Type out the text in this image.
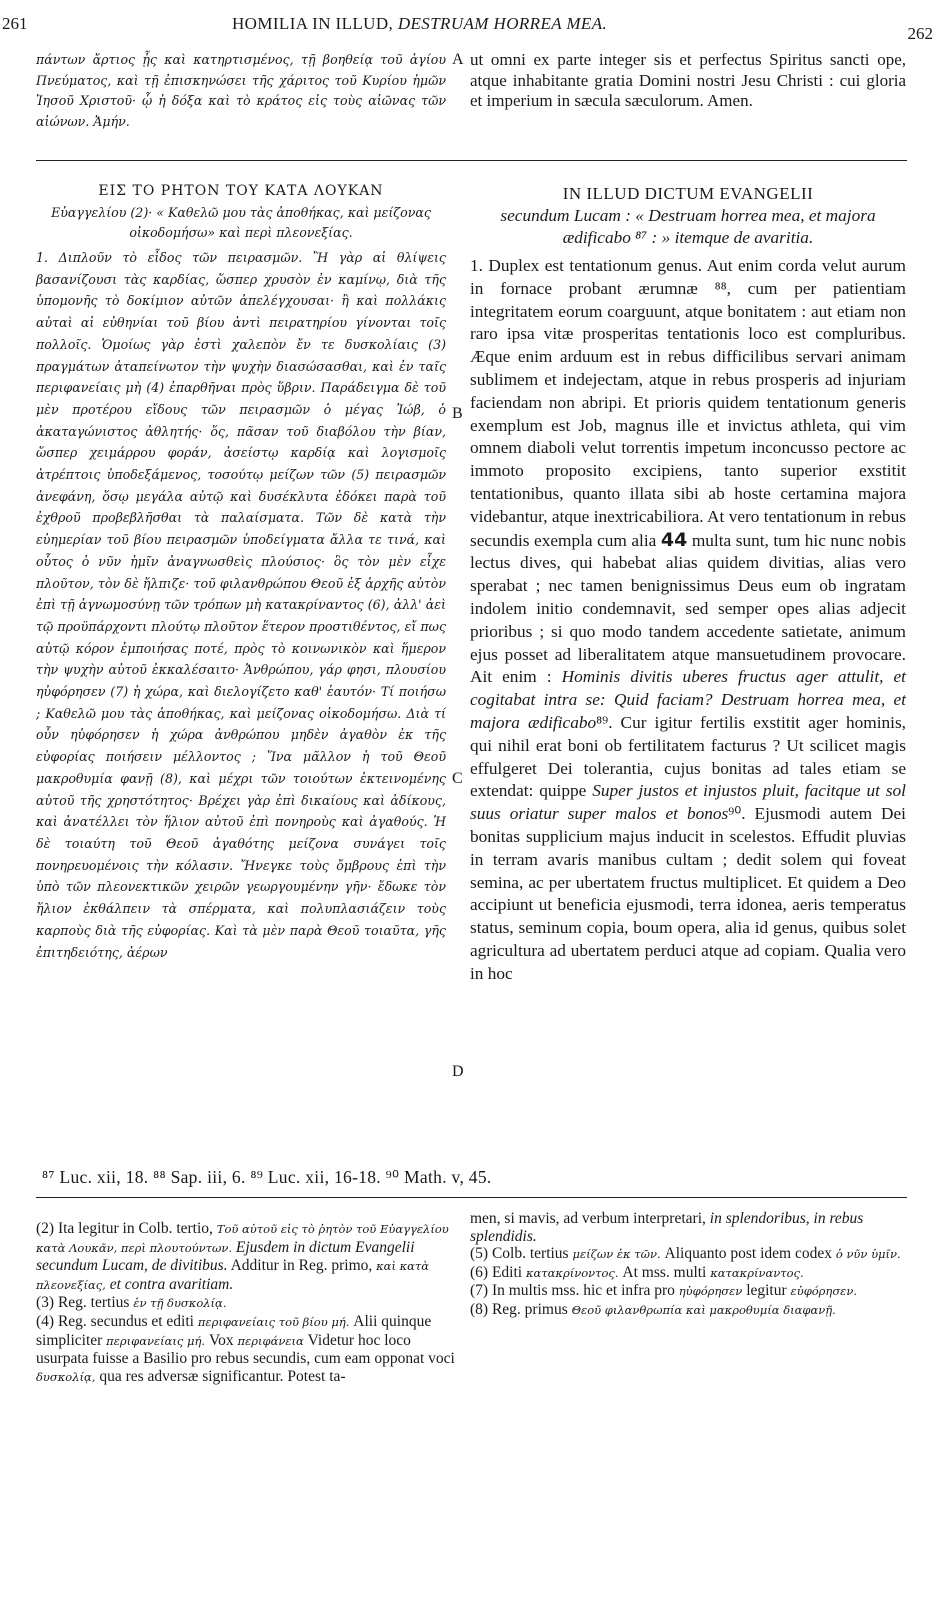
261	HOMILIA IN ILLUD, DESTRUAM HORREA MEA.
262
πάντων ἄρτιος ᾖς καὶ κατηρτισμένος, τῇ βοηθείᾳ τοῦ ἁγίου Πνεύματος, καὶ τῇ ἐπισκηνώσει τῆς χάριτος τοῦ Κυρίου ἡμῶν Ἰησοῦ Χριστοῦ· ᾧ ἡ δόξα καὶ τὸ κράτος εἰς τοὺς αἰῶνας τῶν αἰώνων. Ἀμήν.
A ut omni ex parte integer sis et perfectus Spiritus sancti ope, atque inhabitante gratia Domini nostri Jesu Christi : cui gloria et imperium in sæcula sæculorum. Amen.
ΕΙΣ ΤΟ ΡΗΤΟΝ ΤΟΥ ΚΑΤΑ ΛΟΥΚΑΝ
Εὐαγγελίου (2)· « Καθελῶ μου τὰς ἀποθήκας, καὶ μείζονας οἰκοδομήσω» καὶ περὶ πλεονεξίας.
1. Διπλοῦν τὸ εἶδος τῶν πειρασμῶν. Ἢ γὰρ αἱ θλίψεις βασανίζουσι τὰς καρδίας, ὥσπερ χρυσὸν ἐν καμίνῳ, διὰ τῆς ὑπομονῆς τὸ δοκίμιον αὐτῶν ἀπελέγχουσαι· ἢ καὶ πολλάκις αὐταὶ αἱ εὐθηνίαι τοῦ βίου ἀντὶ πειρατηρίου γίνονται τοῖς πολλοῖς. Ὁμοίως γὰρ ἐστὶ χαλεπὸν ἔν τε δυσκολίαις (3) πραγμάτων ἀταπείνωτον τὴν ψυχὴν διασώσασθαι, καὶ ἐν ταῖς περιφανείαις μὴ (4) ἐπαρθῆναι πρὸς ὕβριν. Παράδειγμα δὲ τοῦ μὲν προτέρου εἴδους τῶν πειρασμῶν ὁ μέγας Ἰώβ, ὁ ἀκαταγώνιστος ἀθλητής· ὅς, πᾶσαν τοῦ διαβόλου τὴν βίαν, ὥσπερ χειμάρρου φοράν, ἀσείστῳ καρδίᾳ καὶ λογισμοῖς ἀτρέπτοις ὑποδεξάμενος, τοσούτῳ μείζων τῶν (5) πειρασμῶν ἀνεφάνη, ὅσῳ μεγάλα αὐτῷ καὶ δυσέκλυτα ἐδόκει παρὰ τοῦ ἐχθροῦ προβεβλῆσθαι τὰ παλαίσματα. Τῶν δὲ κατὰ τὴν εὐημερίαν τοῦ βίου πειρασμῶν ὑποδείγματα ἄλλα τε τινά, καὶ οὗτος ὁ νῦν ἡμῖν ἀναγνωσθεὶς πλούσιος· ὃς τὸν μὲν εἶχε πλοῦτον, τὸν δὲ ἤλπιζε· τοῦ φιλανθρώπου Θεοῦ ἐξ ἀρχῆς αὐτὸν ἐπὶ τῇ ἀγνωμοσύνῃ τῶν τρόπων μὴ κατακρίναντος (6), ἀλλ' ἀεὶ τῷ προϋπάρχοντι πλούτῳ πλοῦτον ἕτερον προστιθέντος, εἴ πως αὐτῷ κόρον ἐμποιήσας ποτέ, πρὸς τὸ κοινωνικὸν καὶ ἥμερον τὴν ψυχὴν αὐτοῦ ἐκκαλέσαιτο· Ἀνθρώπου, γάρ φησι, πλουσίου ηὐφόρησεν (7) ἡ χώρα, καὶ διελογίζετο καθ' ἑαυτόν· Τί ποιήσω ; Καθελῶ μου τὰς ἀποθήκας, καὶ μείζονας οἰκοδομήσω. Διὰ τί οὖν ηὐφόρησεν ἡ χώρα ἀνθρώπου μηδὲν ἀγαθὸν ἐκ τῆς εὐφορίας ποιήσειν μέλλοντος ; Ἵνα μᾶλλον ἡ τοῦ Θεοῦ μακροθυμία φανῇ (8), καὶ μέχρι τῶν τοιούτων ἐκτεινομένης αὐτοῦ τῆς χρηστότητος· Βρέχει γὰρ ἐπὶ δικαίους καὶ ἀδίκους, καὶ ἀνατέλλει τὸν ἥλιον αὐτοῦ ἐπὶ πονηροὺς καὶ ἀγαθούς. Ἡ δὲ τοιαύτη τοῦ Θεοῦ ἀγαθότης μείζονα συνάγει τοῖς πονηρευομένοις τὴν κόλασιν. Ἤνεγκε τοὺς ὄμβρους ἐπὶ τὴν ὑπὸ τῶν πλεονεκτικῶν χειρῶν γεωργουμένην γῆν· ἔδωκε τὸν ἥλιον ἐκθάλπειν τὰ σπέρματα, καὶ πολυπλασιάζειν τοὺς καρποὺς διὰ τῆς εὐφορίας. Καὶ τὰ μὲν παρὰ Θεοῦ τοιαῦτα, γῆς ἐπιτηδειότης, ἀέρων
B
C
D
IN ILLUD DICTUM EVANGELII
secundum Lucam : « Destruam horrea mea, et majora ædificabo ⁸⁷ : » itemque de avaritia.
1. Duplex est tentationum genus. Aut enim corda velut aurum in fornace probant ærumnæ ⁸⁸, cum per patientiam integritatem eorum coarguunt, atque bonitatem : aut etiam non raro ipsa vitæ prosperitas tentationis loco est compluribus. Æque enim arduum est in rebus difficilibus servari animam sublimem et indejectam, atque in rebus prosperis ad injuriam faciendam non abripi. Et prioris quidem tentationum generis exemplum est Job, magnus ille et invictus athleta, qui vim omnem diaboli velut torrentis impetum inconcusso pectore ac immoto proposito excipiens, tanto superior exstitit tentationibus, quanto illata sibi ab hoste certamina majora videbantur, atque inextricabiliora. At vero tentationum in rebus secundis exempla cum alia 44 multa sunt, tum hic nunc nobis lectus dives, qui habebat alias quidem divitias, alias vero sperabat ; nec tamen benignissimus Deus eum ob ingratam indolem initio condemnavit, sed semper opes alias adjecit prioribus ; si quo modo tandem accedente satietate, animum ejus posset ad liberalitatem atque mansuetudinem provocare. Ait enim : Hominis divitis uberes fructus ager attulit, et cogitabat intra se: Quid faciam? Destruam horrea mea, et majora ædificabo⁸⁹. Cur igitur fertilis exstitit ager hominis, qui nihil erat boni ob fertilitatem facturus ? Ut scilicet magis effulgeret Dei tolerantia, cujus bonitas ad tales etiam se extendat: quippe Super justos et injustos pluit, facitque ut sol suus oriatur super malos et bonos⁹⁰. Ejusmodi autem Dei bonitas supplicium majus inducit in scelestos. Effudit pluvias in terram avaris manibus cultam ; dedit solem qui foveat semina, ac per ubertatem fructus multiplicet. Et quidem a Deo accipiunt ut beneficia ejusmodi, terra idonea, aeris temperatus status, seminum copia, boum opera, alia id genus, quibus solet agricultura ad ubertatem perduci atque ad copiam. Qualia vero in hoc
⁸⁷ Luc. xii, 18. ⁸⁸ Sap. iii, 6. ⁸⁹ Luc. xii, 16-18. ⁹⁰ Math. v, 45.

(2) Ita legitur in Colb. tertio, Τοῦ αὐτοῦ εἰς τὸ ῥητὸν τοῦ Εὐαγγελίου κατὰ Λουκᾶν, περὶ πλουτούντων. Ejusdem in dictum Evangelii secundum Lucam, de divitibus. Additur in Reg. primo, καὶ κατὰ πλεονεξίας, et contra avaritiam.

(3) Reg. tertius ἐν τῇ δυσκολίᾳ.

(4) Reg. secundus et editi περιφανείαις τοῦ βίου μή. Alii quinque simpliciter περιφανείαις μή. Vox περιφάνεια Videtur hoc loco usurpata fuisse a Basilio pro rebus secundis, cum eam opponat voci δυσκολίᾳ, qua res adversæ significantur. Potest ta-

men, si mavis, ad verbum interpretari, in splendoribus, in rebus splendidis.

(5) Colb. tertius μείζων ἐκ τῶν. Aliquanto post idem codex ὁ νῦν ὑμῖν.

(6) Editi κατακρίνοντος. At mss. multi κατακρίναντος.

(7) In multis mss. hic et infra pro ηὐφόρησεν legitur εὐφόρησεν.

(8) Reg. primus Θεοῦ φιλανθρωπία καὶ μακροθυμία διαφανῇ.
